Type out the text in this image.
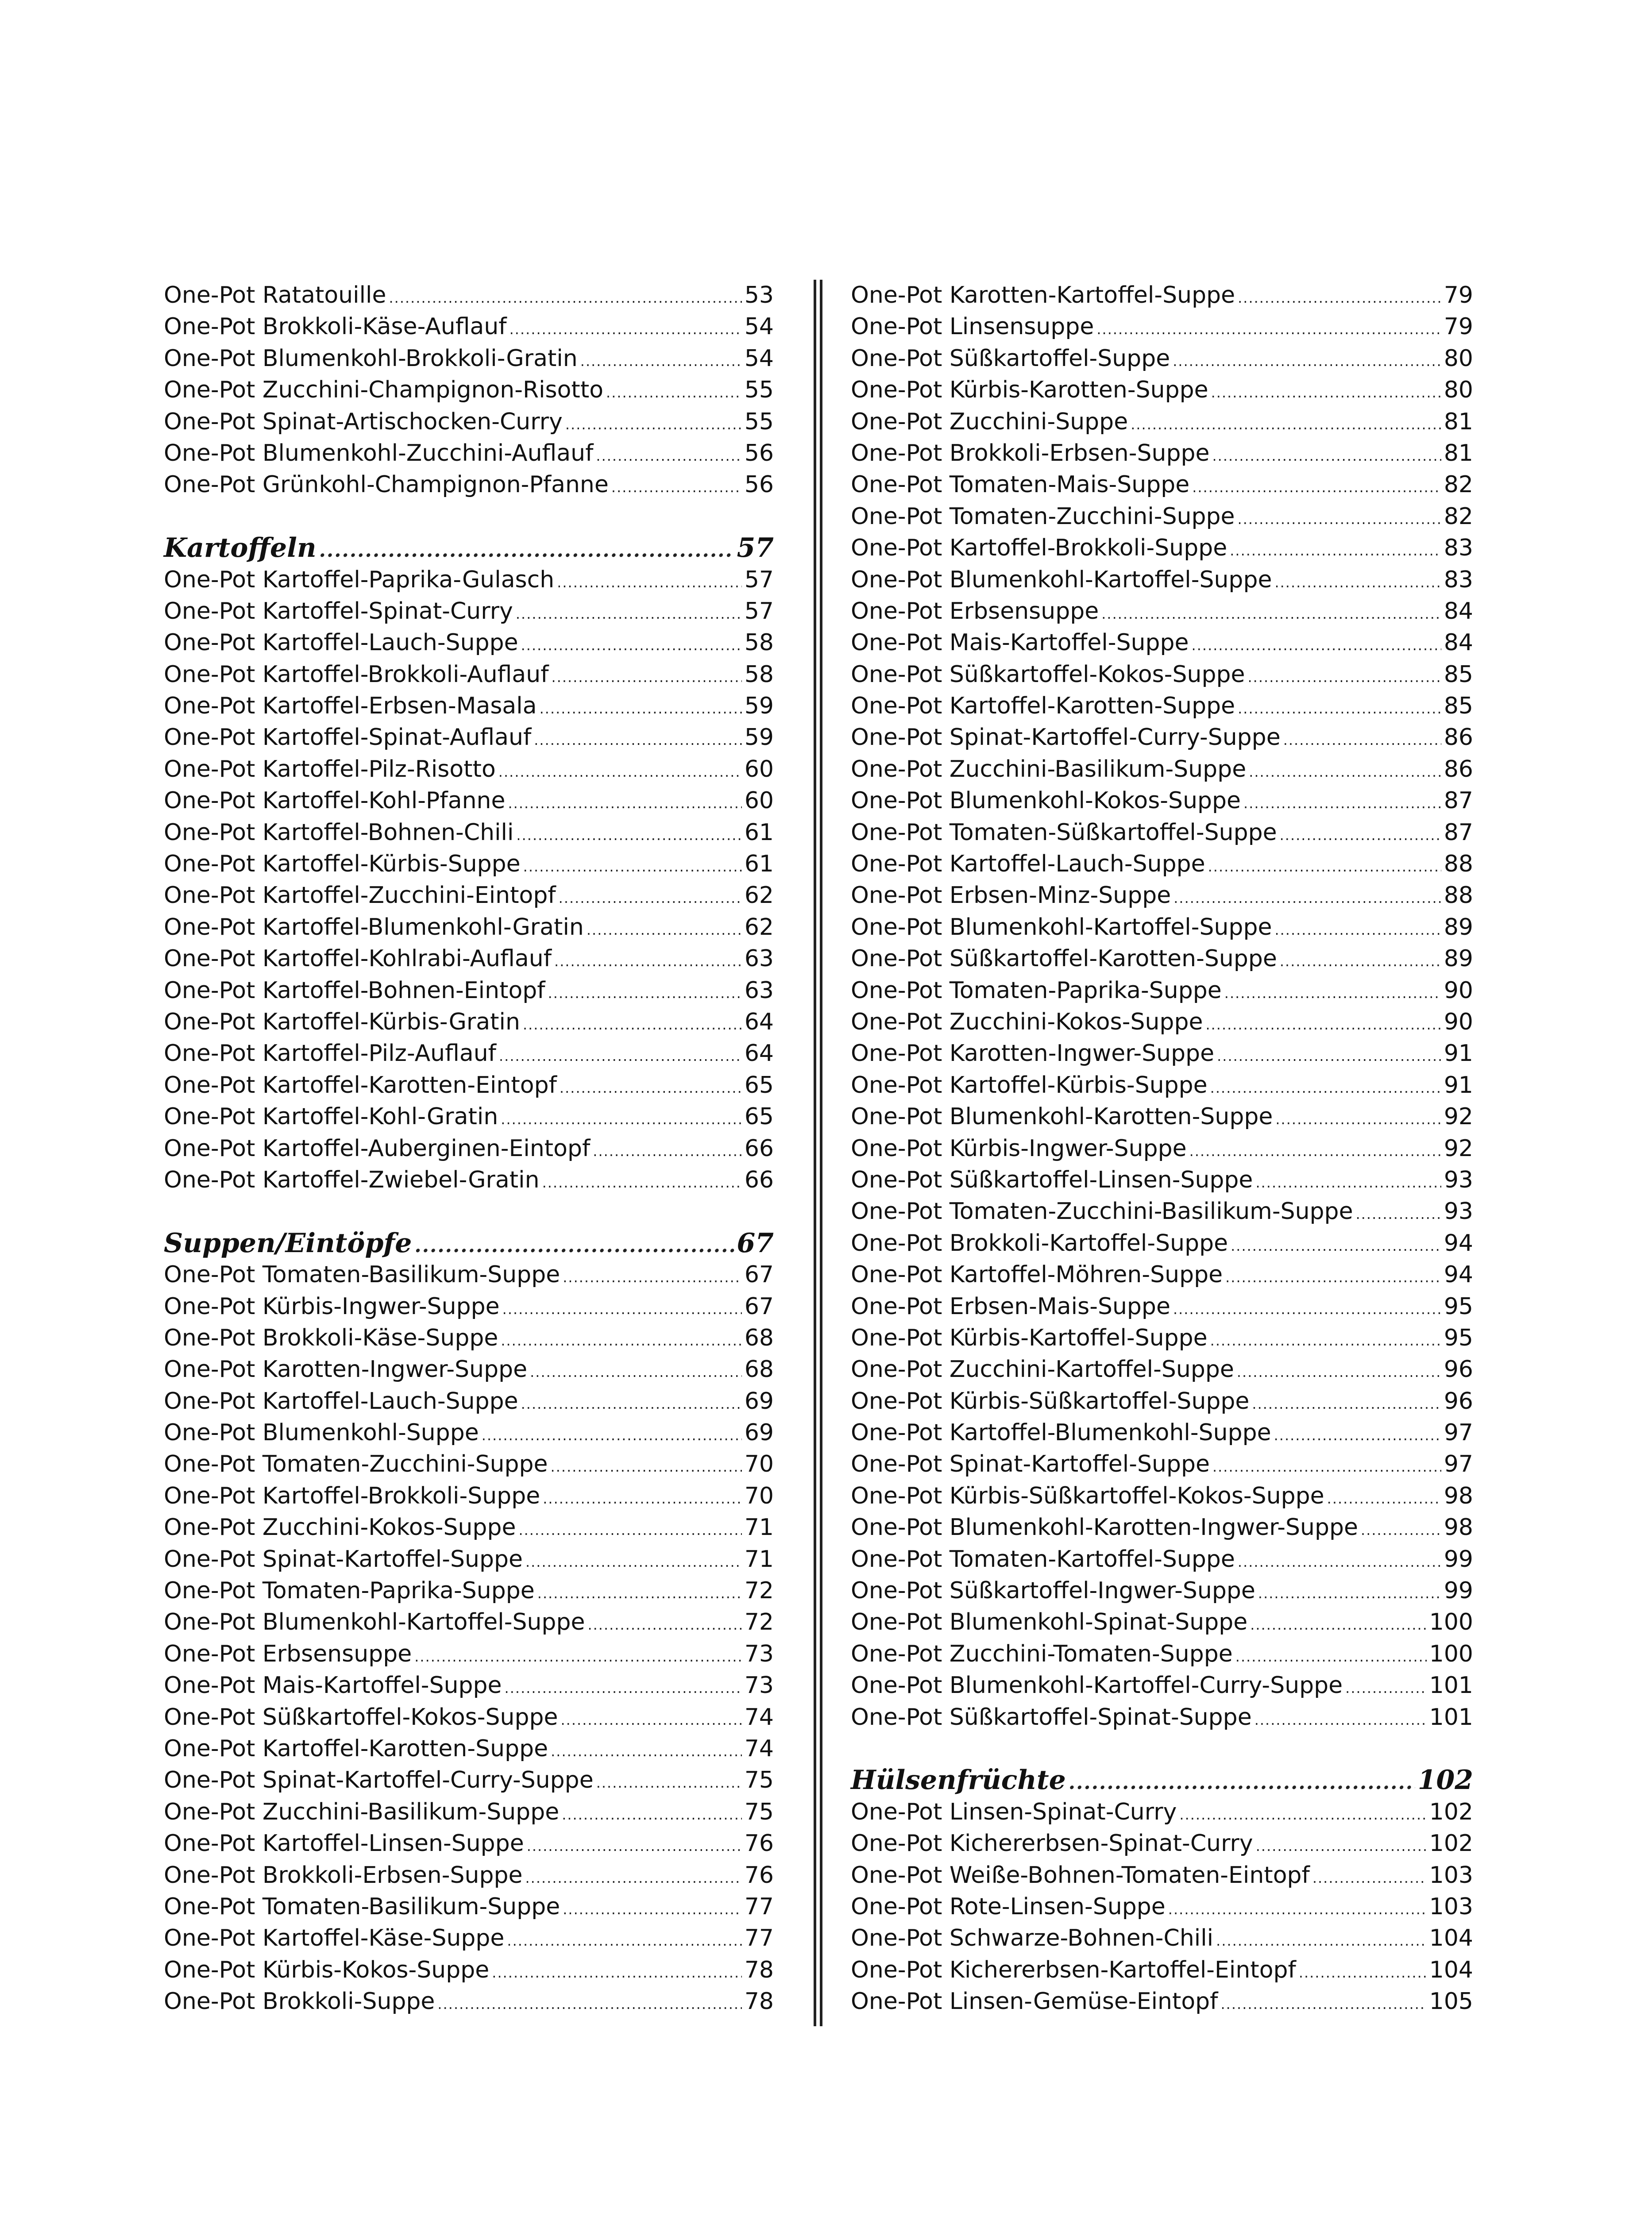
One-Pot Ratatouille .....	53
One-Pot Brokkoli-Käse-Auflauf .....	54
One-Pot Blumenkohl-Brokkoli-Gratin .....	54
One-Pot Zucchini-Champignon-Risotto .....	55
One-Pot Spinat-Artischocken-Curry .....	55
One-Pot Blumenkohl-Zucchini-Auflauf .....	56
One-Pot Grünkohl-Champignon-Pfanne .....	56
Kartoffeln .....	57
One-Pot Kartoffel-Paprika-Gulasch .....	57
One-Pot Kartoffel-Spinat-Curry .....	57
One-Pot Kartoffel-Lauch-Suppe .....	58
One-Pot Kartoffel-Brokkoli-Auflauf .....	58
One-Pot Kartoffel-Erbsen-Masala .....	59
One-Pot Kartoffel-Spinat-Auflauf .....	59
One-Pot Kartoffel-Pilz-Risotto .....	60
One-Pot Kartoffel-Kohl-Pfanne .....	60
One-Pot Kartoffel-Bohnen-Chili .....	61
One-Pot Kartoffel-Kürbis-Suppe .....	61
One-Pot Kartoffel-Zucchini-Eintopf .....	62
One-Pot Kartoffel-Blumenkohl-Gratin .....	62
One-Pot Kartoffel-Kohlrabi-Auflauf .....	63
One-Pot Kartoffel-Bohnen-Eintopf .....	63
One-Pot Kartoffel-Kürbis-Gratin .....	64
One-Pot Kartoffel-Pilz-Auflauf .....	64
One-Pot Kartoffel-Karotten-Eintopf .....	65
One-Pot Kartoffel-Kohl-Gratin .....	65
One-Pot Kartoffel-Auberginen-Eintopf .....	66
One-Pot Kartoffel-Zwiebel-Gratin .....	66
Suppen/Eintöpfe .....	67
One-Pot Tomaten-Basilikum-Suppe .....	67
One-Pot Kürbis-Ingwer-Suppe .....	67
One-Pot Brokkoli-Käse-Suppe .....	68
One-Pot Karotten-Ingwer-Suppe .....	68
One-Pot Kartoffel-Lauch-Suppe .....	69
One-Pot Blumenkohl-Suppe .....	69
One-Pot Tomaten-Zucchini-Suppe .....	70
One-Pot Kartoffel-Brokkoli-Suppe .....	70
One-Pot Zucchini-Kokos-Suppe .....	71
One-Pot Spinat-Kartoffel-Suppe .....	71
One-Pot Tomaten-Paprika-Suppe .....	72
One-Pot Blumenkohl-Kartoffel-Suppe .....	72
One-Pot Erbsensuppe .....	73
One-Pot Mais-Kartoffel-Suppe .....	73
One-Pot Süßkartoffel-Kokos-Suppe .....	74
One-Pot Kartoffel-Karotten-Suppe .....	74
One-Pot Spinat-Kartoffel-Curry-Suppe .....	75
One-Pot Zucchini-Basilikum-Suppe .....	75
One-Pot Kartoffel-Linsen-Suppe .....	76
One-Pot Brokkoli-Erbsen-Suppe .....	76
One-Pot Tomaten-Basilikum-Suppe .....	77
One-Pot Kartoffel-Käse-Suppe .....	77
One-Pot Kürbis-Kokos-Suppe .....	78
One-Pot Brokkoli-Suppe .....	78
One-Pot Karotten-Kartoffel-Suppe .....	79
One-Pot Linsensuppe .....	79
One-Pot Süßkartoffel-Suppe .....	80
One-Pot Kürbis-Karotten-Suppe .....	80
One-Pot Zucchini-Suppe .....	81
One-Pot Brokkoli-Erbsen-Suppe .....	81
One-Pot Tomaten-Mais-Suppe .....	82
One-Pot Tomaten-Zucchini-Suppe .....	82
One-Pot Kartoffel-Brokkoli-Suppe .....	83
One-Pot Blumenkohl-Kartoffel-Suppe .....	83
One-Pot Erbsensuppe .....	84
One-Pot Mais-Kartoffel-Suppe .....	84
One-Pot Süßkartoffel-Kokos-Suppe .....	85
One-Pot Kartoffel-Karotten-Suppe .....	85
One-Pot Spinat-Kartoffel-Curry-Suppe .....	86
One-Pot Zucchini-Basilikum-Suppe .....	86
One-Pot Blumenkohl-Kokos-Suppe .....	87
One-Pot Tomaten-Süßkartoffel-Suppe .....	87
One-Pot Kartoffel-Lauch-Suppe .....	88
One-Pot Erbsen-Minz-Suppe .....	88
One-Pot Blumenkohl-Kartoffel-Suppe .....	89
One-Pot Süßkartoffel-Karotten-Suppe .....	89
One-Pot Tomaten-Paprika-Suppe .....	90
One-Pot Zucchini-Kokos-Suppe .....	90
One-Pot Karotten-Ingwer-Suppe .....	91
One-Pot Kartoffel-Kürbis-Suppe .....	91
One-Pot Blumenkohl-Karotten-Suppe .....	92
One-Pot Kürbis-Ingwer-Suppe .....	92
One-Pot Süßkartoffel-Linsen-Suppe .....	93
One-Pot Tomaten-Zucchini-Basilikum-Suppe .....	93
One-Pot Brokkoli-Kartoffel-Suppe .....	94
One-Pot Kartoffel-Möhren-Suppe .....	94
One-Pot Erbsen-Mais-Suppe .....	95
One-Pot Kürbis-Kartoffel-Suppe .....	95
One-Pot Zucchini-Kartoffel-Suppe .....	96
One-Pot Kürbis-Süßkartoffel-Suppe .....	96
One-Pot Kartoffel-Blumenkohl-Suppe .....	97
One-Pot Spinat-Kartoffel-Suppe .....	97
One-Pot Kürbis-Süßkartoffel-Kokos-Suppe .....	98
One-Pot Blumenkohl-Karotten-Ingwer-Suppe .....	98
One-Pot Tomaten-Kartoffel-Suppe .....	99
One-Pot Süßkartoffel-Ingwer-Suppe .....	99
One-Pot Blumenkohl-Spinat-Suppe .....	100
One-Pot Zucchini-Tomaten-Suppe .....	100
One-Pot Blumenkohl-Kartoffel-Curry-Suppe .....	101
One-Pot Süßkartoffel-Spinat-Suppe .....	101
Hülsenfrüchte .....	102
One-Pot Linsen-Spinat-Curry .....	102
One-Pot Kichererbsen-Spinat-Curry .....	102
One-Pot Weiße-Bohnen-Tomaten-Eintopf .....	103
One-Pot Rote-Linsen-Suppe .....	103
One-Pot Schwarze-Bohnen-Chili .....	104
One-Pot Kichererbsen-Kartoffel-Eintopf .....	104
One-Pot Linsen-Gemüse-Eintopf .....	105
